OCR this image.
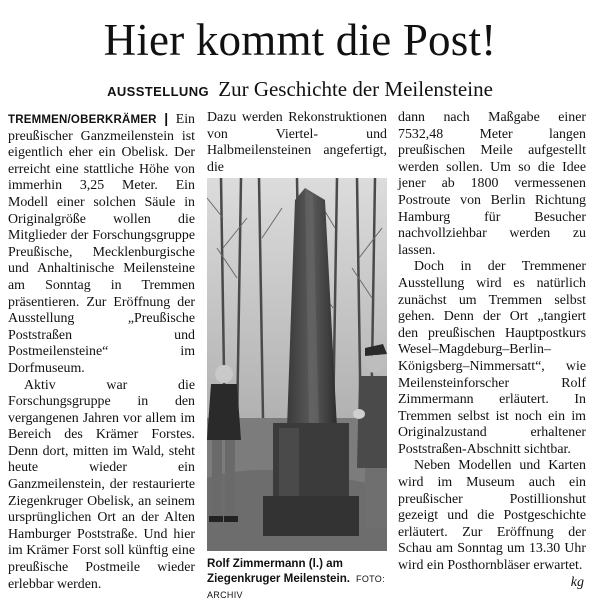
Hier kommt die Post!
AUSSTELLUNG Zur Geschichte der Meilensteine

TREMMEN/OBERKRÄMER | Ein preußischer Ganzmeilenstein ist eigentlich eher ein Obelisk. Der erreicht eine stattliche Höhe von immerhin 3,25 Meter. Ein Modell einer solchen Säule in Originalgröße wollen die Mitglieder der Forschungsgruppe Preußische, Mecklenburgische und Anhaltinische Meilensteine am Sonntag in Tremmen präsentieren. Zur Eröffnung der Ausstellung „Preußische Poststraßen und Postmeilensteine“ im Dorfmuseum.

Aktiv war die Forschungsgruppe in den vergangenen Jahren vor allem im Bereich des Krämer Forstes. Denn dort, mitten im Wald, steht heute wieder ein Ganzmeilenstein, der restaurierte Ziegenkruger Obelisk, an seinem ursprünglichen Ort an der Alten Hamburger Poststraße. Und hier im Krämer Forst soll künftig eine preußische Postmeile wieder erlebbar werden.

Dazu werden Rekonstruktionen von Viertel- und Halbmeilensteinen angefertigt, die

Rolf Zimmermann (l.) am Ziegenkruger Meilenstein. FOTO: ARCHIV

dann nach Maßgabe einer 7532,48 Meter langen preußischen Meile aufgestellt werden sollen. Um so die Idee jener ab 1800 vermessenen Postroute von Berlin Richtung Hamburg für Besucher nachvollziehbar werden zu lassen.

Doch in der Tremmener Ausstellung wird es natürlich zunächst um Tremmen selbst gehen. Denn der Ort „tangiert den preußischen Hauptpostkurs Wesel–Magdeburg–Berlin–Königsberg–Nimmersatt“, wie Meilensteinforscher Rolf Zimmermann erläutert. In Tremmen selbst ist noch ein im Originalzustand erhaltener Poststraßen-Abschnitt sichtbar.

Neben Modellen und Karten wird im Museum auch ein preußischer Postillionshut gezeigt und die Postgeschichte erläutert. Zur Eröffnung der Schau am Sonntag um 13.30 Uhr wird ein Posthornbläser erwartet.

kg
